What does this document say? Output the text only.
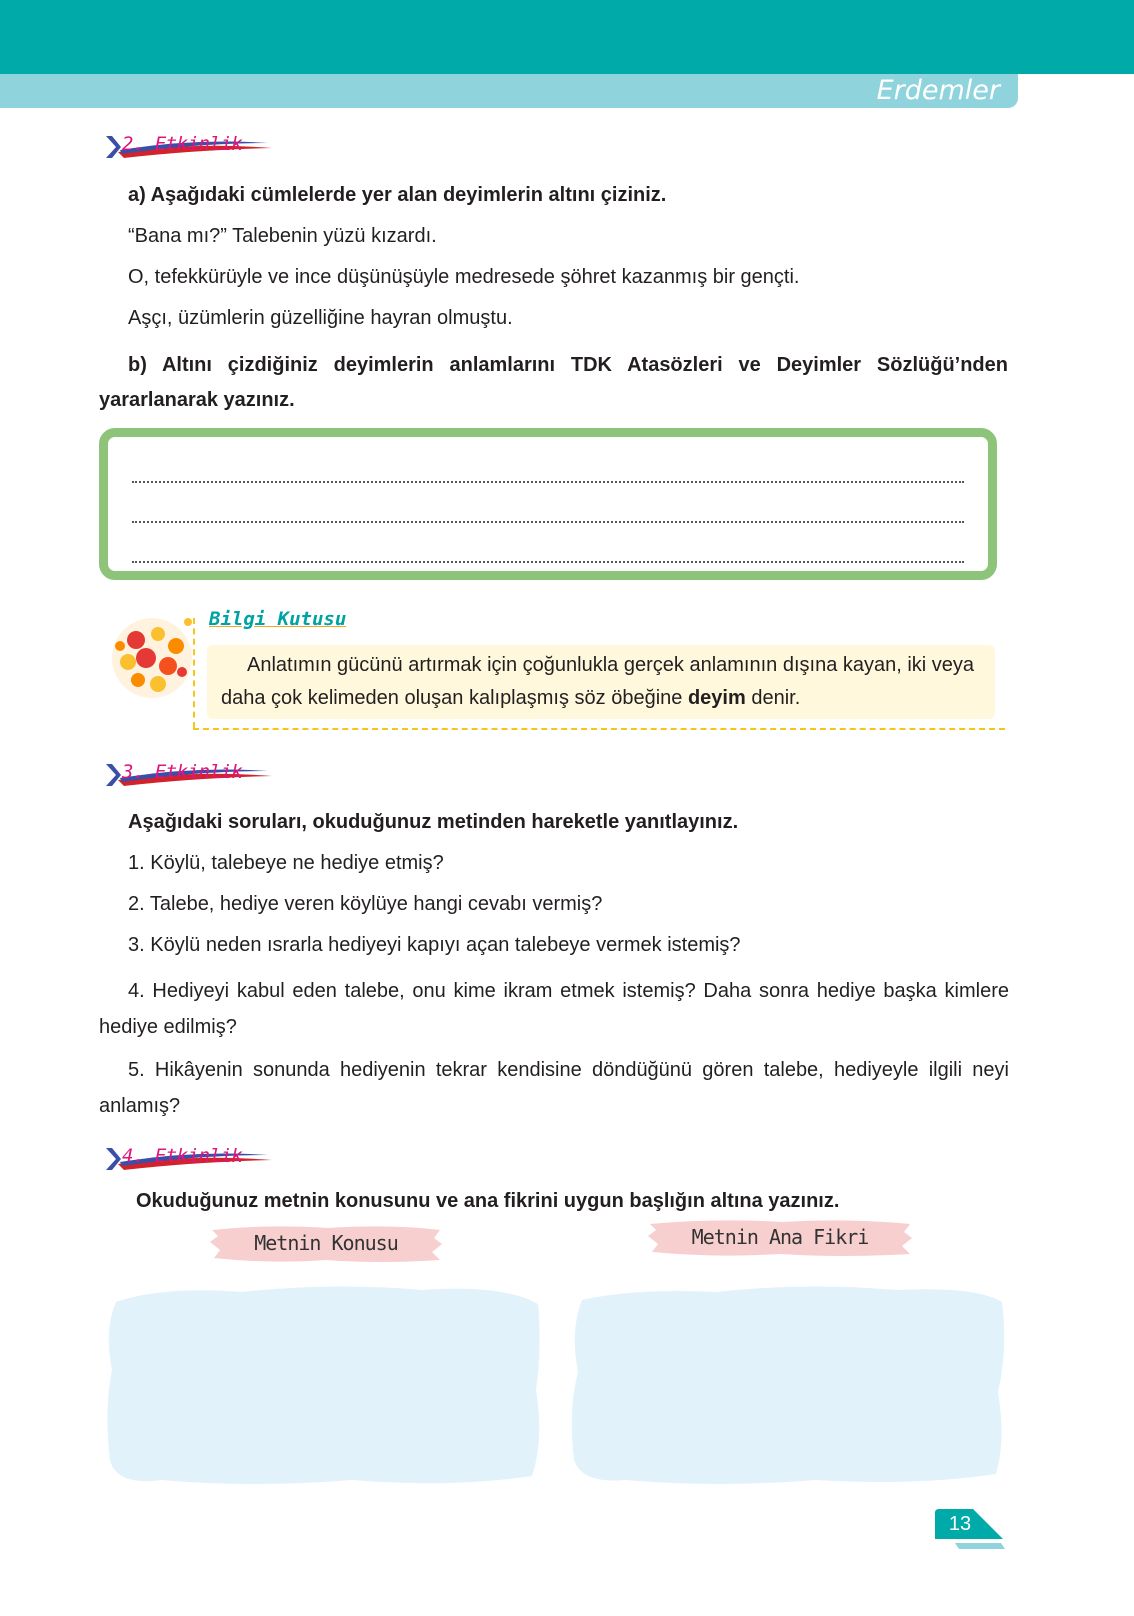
Erdemler
2. Etkinlik
a) Aşağıdaki cümlelerde yer alan deyimlerin altını çiziniz.
“Bana mı?” Talebenin yüzü kızardı.
O, tefekkürüyle ve ince düşünüşüyle medresede şöhret kazanmış bir gençti.
Aşçı, üzümlerin güzelliğine hayran olmuştu.
b) Altını çizdiğiniz deyimlerin anlamlarını TDK Atasözleri ve Deyimler Sözlüğü’nden
yararlanarak yazınız.
Bilgi Kutusu
Anlatımın gücünü artırmak için çoğunlukla gerçek anlamının dışına kayan, iki veya daha çok kelimeden oluşan kalıplaşmış söz öbeğine deyim denir.
3. Etkinlik
Aşağıdaki soruları, okuduğunuz metinden hareketle yanıtlayınız.
1. Köylü, talebeye ne hediye etmiş?
2. Talebe, hediye veren köylüye hangi cevabı vermiş?
3. Köylü neden ısrarla hediyeyi kapıyı açan talebeye vermek istemiş?
4. Hediyeyi kabul eden talebe, onu kime ikram etmek istemiş? Daha sonra hediye başka kimlere hediye edilmiş?
5. Hikâyenin sonunda hediyenin tekrar kendisine döndüğünü gören talebe, hediyeyle ilgili neyi anlamış?
4. Etkinlik
Okuduğunuz metnin konusunu ve ana fikrini uygun başlığın altına yazınız.
Metnin Konusu	Metnin Ana Fikri
13
